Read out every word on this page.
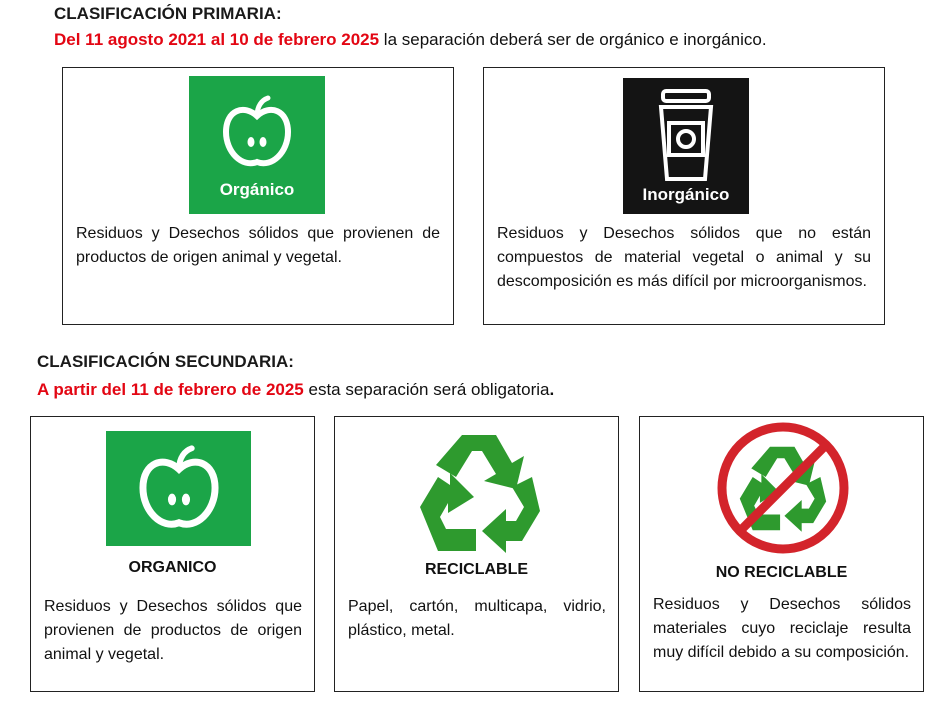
CLASIFICACIÓN PRIMARIA:
Del 11 agosto 2021 al 10 de febrero 2025 la separación deberá ser de orgánico e inorgánico.
Orgánico
Residuos y Desechos sólidos que provienen de productos de origen animal y vegetal.
Inorgánico
Residuos y Desechos sólidos que no están compuestos de material vegetal o animal y su descomposición es más difícil por microorganismos.
CLASIFICACIÓN SECUNDARIA:
A partir del 11 de febrero de 2025 esta separación será obligatoria.
ORGANICO
Residuos y Desechos sólidos que provienen de productos de origen animal y vegetal.
RECICLABLE
Papel, cartón, multicapa, vidrio, plástico, metal.
NO RECICLABLE
Residuos y Desechos sólidos materiales cuyo reciclaje resulta muy difícil debido a su composición.
